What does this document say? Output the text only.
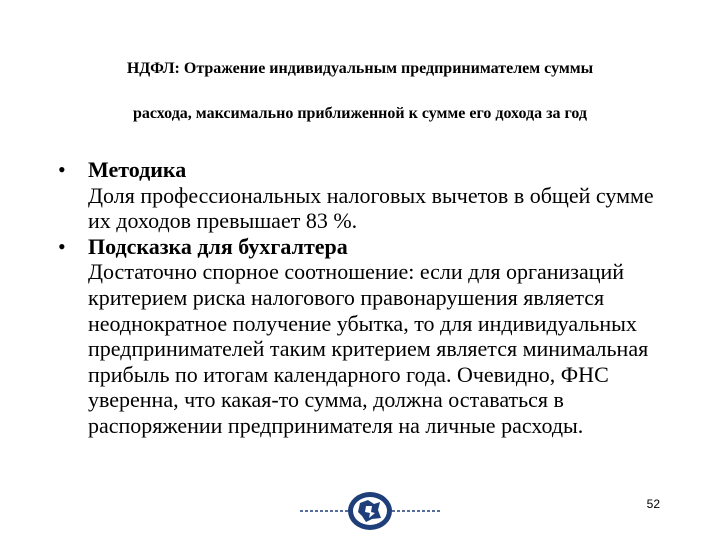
НДФЛ: Отражение индивидуальным предпринимателем суммы
расхода, максимально приближенной к сумме его дохода за год
• Методика
Доля профессиональных налоговых вычетов в общей сумме их доходов превышает 83 %.
• Подсказка для бухгалтера
Достаточно спорное соотношение: если для организаций критерием риска налогового правонарушения является неоднократное получение убытка, то для индивидуальных предпринимателей таким критерием является минимальная прибыль по итогам календарного года. Очевидно, ФНС уверенна, что какая-то сумма, должна оставаться в распоряжении предпринимателя на личные расходы.
52
